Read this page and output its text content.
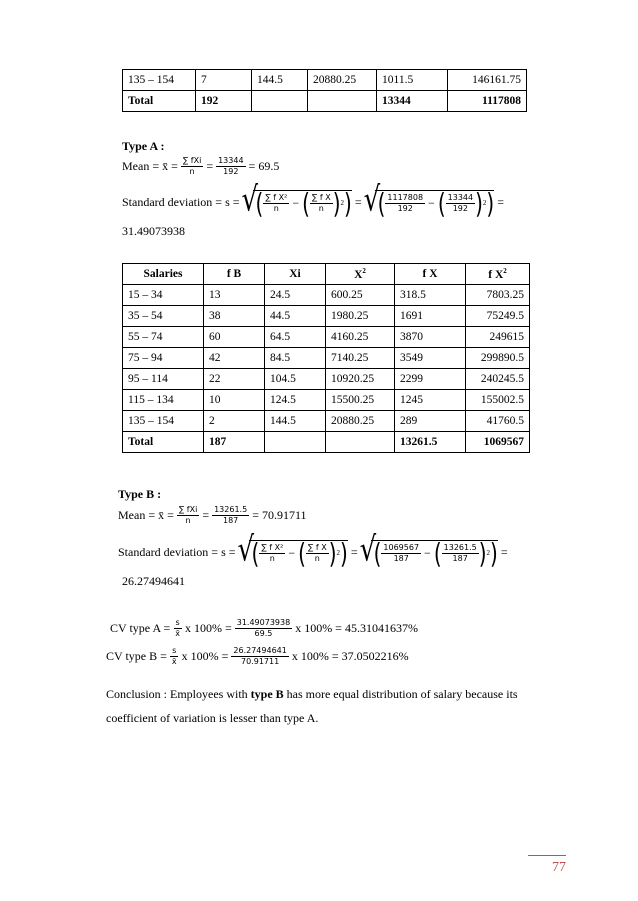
135 – 154	7	144.5	20880.25	1011.5	146161.75
Total	192			13344	1117808
Type A :
Mean = x̄ =
$\frac{\text{∑ fXi}}{n}$
=
$\frac{13344}{192}$
= 69.5
Standard deviation = s =
√ ( $\frac{\text{∑ f X²}}{n}$
−
( $\frac{\text{∑ f X}}{n}$ ) 2 )
=
√ ( $\frac{1117808}{192}$
−
( $\frac{13344}{192}$ ) 2 )
=
31.49073938
Salaries	f B	Xi	$X^2$	f X	f $X^2$
15 – 34	13	24.5	600.25	318.5	7803.25
35 – 54	38	44.5	1980.25	1691	75249.5
55 – 74	60	64.5	4160.25	3870	249615
75 – 94	42	84.5	7140.25	3549	299890.5
95 – 114	22	104.5	10920.25	2299	240245.5
115 – 134	10	124.5	15500.25	1245	155002.5
135 – 154	2	144.5	20880.25	289	41760.5
Total	187			13261.5	1069567
Type B :
Mean = x̄ =
$\frac{\text{∑ fXi}}{n}$
=
$\frac{13261.5}{187}$
= 70.91711
Standard deviation = s =
√ ( $\frac{\text{∑ f X²}}{n}$
−
( $\frac{\text{∑ f X}}{n}$ ) 2 )
=
√ ( $\frac{1069567}{187}$
−
( $\frac{13261.5}{187}$ ) 2 )
=
26.27494641
CV type A =
$\frac{s}{x̄}$
x 100% =
$\frac{31.49073938}{69.5}$
x 100% = 45.31041637%
CV type B =
$\frac{s}{x̄}$
x 100% =
$\frac{26.27494641}{70.91711}$
x 100% = 37.0502216%
Conclusion : Employees with type B has more equal distribution of salary because its
coefficient of variation is lesser than type A.
77
